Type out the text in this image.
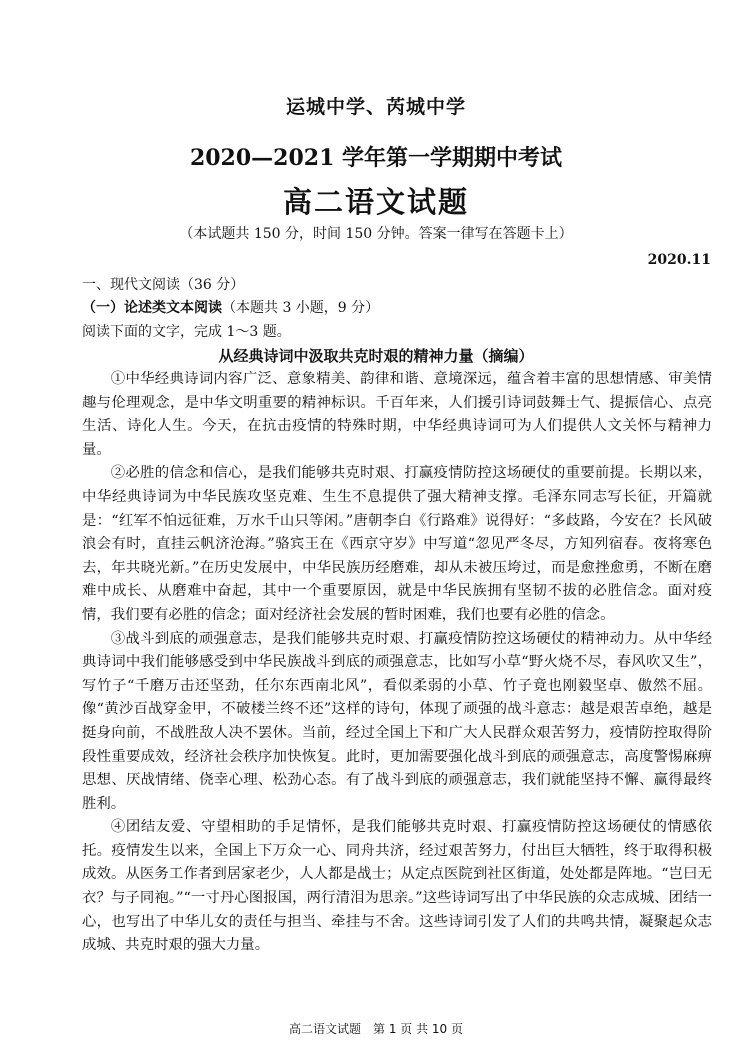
运城中学、芮城中学
2020—2021 学年第一学期期中考试
高二语文试题
（本试题共 150 分，时间 150 分钟。答案一律写在答题卡上）
2020.11
一、现代文阅读（36 分）
（一）论述类文本阅读（本题共 3 小题，9 分）
阅读下面的文字，完成 1～3 题。
从经典诗词中汲取共克时艰的精神力量（摘编）

①中华经典诗词内容广泛、意象精美、韵律和谐、意境深远，蕴含着丰富的思想情感、审美情趣与伦理观念，是中华文明重要的精神标识。千百年来，人们援引诗词鼓舞士气、提振信心、点亮生活、诗化人生。今天，在抗击疫情的特殊时期，中华经典诗词可为人们提供人文关怀与精神力量。

②必胜的信念和信心，是我们能够共克时艰、打赢疫情防控这场硬仗的重要前提。长期以来，中华经典诗词为中华民族攻坚克难、生生不息提供了强大精神支撑。毛泽东同志写长征，开篇就是：“红军不怕远征难，万水千山只等闲。”唐朝李白《行路难》说得好：“多歧路，今安在？长风破浪会有时，直挂云帆济沧海。”骆宾王在《西京守岁》中写道“忽见严冬尽，方知列宿春。夜将寒色去，年共晓光新。”在历史发展中，中华民族历经磨难，却从未被压垮过，而是愈挫愈勇，不断在磨难中成长、从磨难中奋起，其中一个重要原因，就是中华民族拥有坚韧不拔的必胜信念。面对疫情，我们要有必胜的信念；面对经济社会发展的暂时困难，我们也要有必胜的信念。

③战斗到底的顽强意志，是我们能够共克时艰、打赢疫情防控这场硬仗的精神动力。从中华经典诗词中我们能够感受到中华民族战斗到底的顽强意志，比如写小草“野火烧不尽，春风吹又生”，写竹子“千磨万击还坚劲，任尔东西南北风”，看似柔弱的小草、竹子竟也刚毅坚卓、傲然不屈。像“黄沙百战穿金甲，不破楼兰终不还”这样的诗句，体现了顽强的战斗意志：越是艰苦卓绝，越是挺身向前，不战胜敌人决不罢休。当前，经过全国上下和广大人民群众艰苦努力，疫情防控取得阶段性重要成效，经济社会秩序加快恢复。此时，更加需要强化战斗到底的顽强意志，高度警惕麻痹思想、厌战情绪、侥幸心理、松劲心态。有了战斗到底的顽强意志，我们就能坚持不懈、赢得最终胜利。

④团结友爱、守望相助的手足情怀，是我们能够共克时艰、打赢疫情防控这场硬仗的情感依托。疫情发生以来，全国上下万众一心、同舟共济，经过艰苦努力，付出巨大牺牲，终于取得积极成效。从医务工作者到居家老少，人人都是战士；从定点医院到社区街道，处处都是阵地。“岂曰无衣？与子同袍。”“一寸丹心图报国，两行清泪为思亲。”这些诗词写出了中华民族的众志成城、团结一心，也写出了中华儿女的责任与担当、牵挂与不舍。这些诗词引发了人们的共鸣共情，凝聚起众志成城、共克时艰的强大力量。

高二语文试题　第 1 页 共 10 页
